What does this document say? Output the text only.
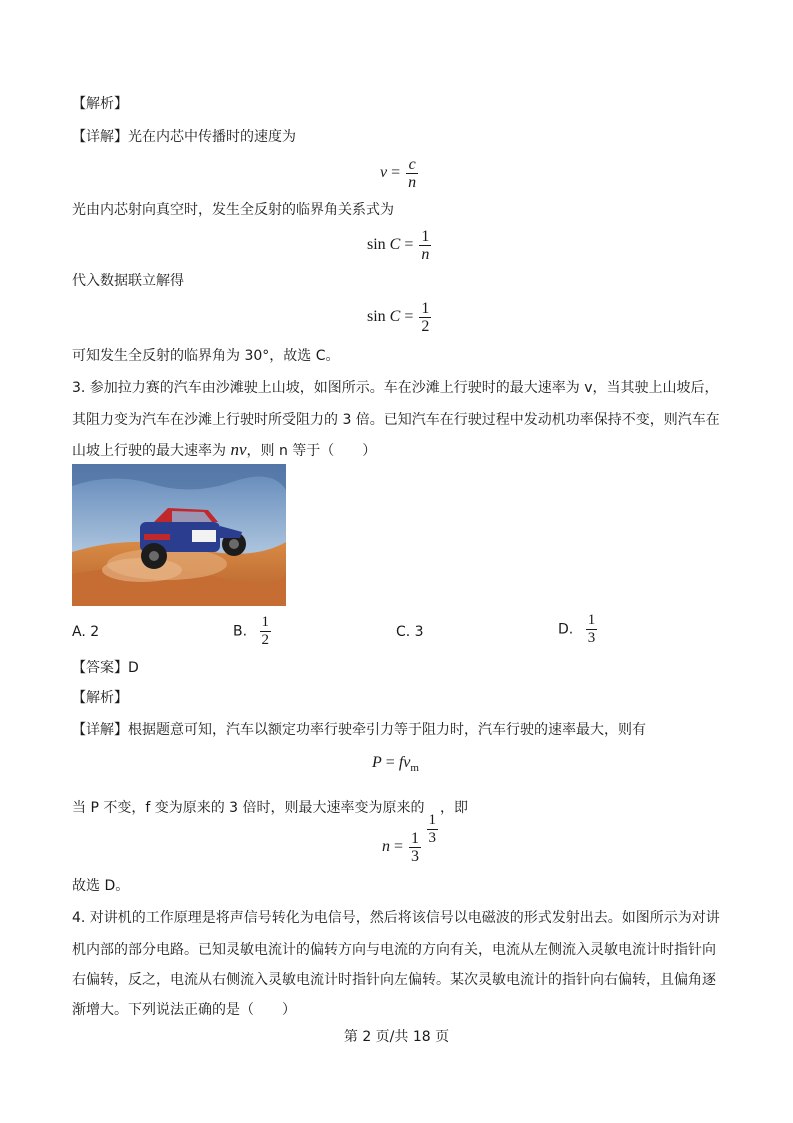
【解析】
【详解】光在内芯中传播时的速度为
$v = \frac{c}{n}$
光由内芯射向真空时，发生全反射的临界角关系式为
$\sin C = \frac{1}{n}$
代入数据联立解得
$\sin C = \frac{1}{2}$
可知发生全反射的临界角为 30°，故选 C。
3. 参加拉力赛的汽车由沙滩驶上山坡，如图所示。车在沙滩上行驶时的最大速率为 v，当其驶上山坡后，
其阻力变为汽车在沙滩上行驶时所受阻力的 3 倍。已知汽车在行驶过程中发动机功率保持不变，则汽车在
山坡上行驶的最大速率为 nv，则 n 等于（　　）
A. 2	B. $\frac{1}{2}$	C. 3	D. $\frac{1}{3}$
【答案】D
【解析】
【详解】根据题意可知，汽车以额定功率行驶牵引力等于阻力时，汽车行驶的速率最大，则有
$P = fv_m$
当 P 不变，f 变为原来的 3 倍时，则最大速率变为原来的
$\frac{1}{3}$
，即
$n = \frac{1}{3}$
故选 D。
4. 对讲机的工作原理是将声信号转化为电信号，然后将该信号以电磁波的形式发射出去。如图所示为对讲
机内部的部分电路。已知灵敏电流计的偏转方向与电流的方向有关，电流从左侧流入灵敏电流计时指针向
右偏转，反之，电流从右侧流入灵敏电流计时指针向左偏转。某次灵敏电流计的指针向右偏转，且偏角逐
渐增大。下列说法正确的是（　　）
第 2 页/共 18 页
